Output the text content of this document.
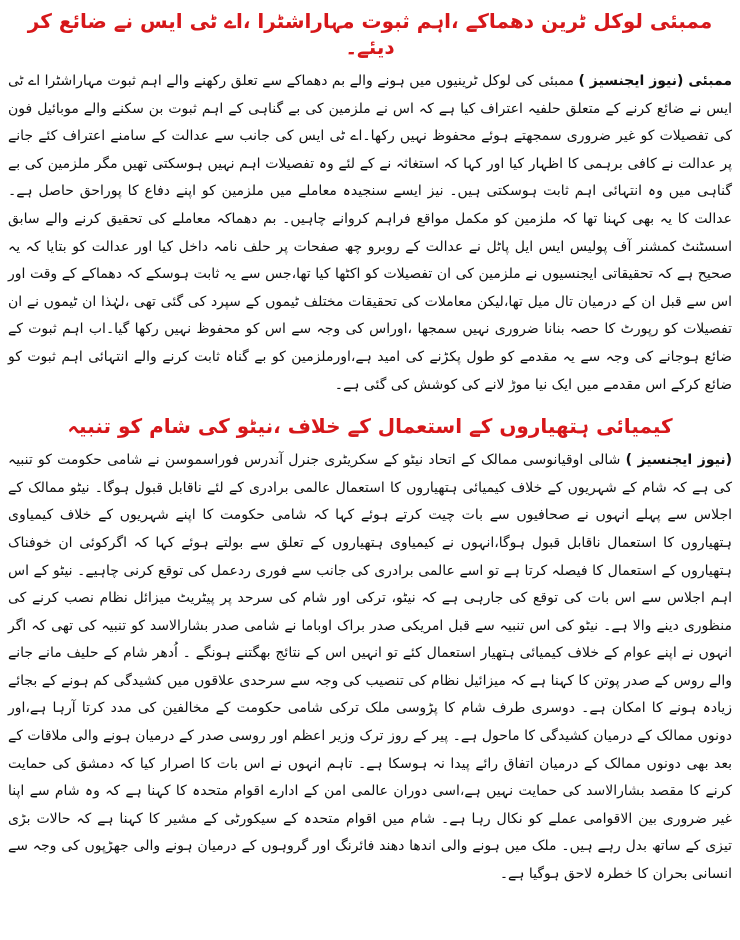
ممبئی لوکل ٹرین دھماکے ،اہم ثبوت مہاراشٹرا ،اے ٹی ایس نے ضائع کر دیئے۔

ممبئی (نیوز ایجنسیز ) ممبئی کی لوکل ٹرینیوں میں ہونے والے بم دھماکے سے تعلق رکھنے والے اہم ثبوت مہاراشٹرا اے ٹی ایس نے ضائع کرنے کے متعلق حلفیہ اعتراف کیا ہے کہ اس نے ملزمین کی بے گناہی کے اہم ثبوت بن سکنے والے موبائیل فون کی تفصیلات کو غیر ضروری سمجھتے ہوئے محفوظ نہیں رکھا۔اے ٹی ایس کی جانب سے عدالت کے سامنے اعتراف کئے جانے پر عدالت نے کافی برہمی کا اظہار کیا اور کہا کہ استغاثہ نے کے لئے وہ تفصیلات اہم نہیں ہوسکتی تھیں مگر ملزمین کی بے گناہی میں وہ انتہائی اہم ثابت ہوسکتی ہیں۔ نیز ایسے سنجیدہ معاملے میں ملزمین کو اپنے دفاع کا پوراحق حاصل ہے۔عدالت کا یہ بھی کہنا تھا کہ ملزمین کو مکمل مواقع فراہم کروانے چاہیں۔ بم دھماکہ معاملے کی تحقیق کرنے والے سابق اسسٹنٹ کمشنر آف پولیس ایس ایل پاٹل نے عدالت کے روبرو چھ صفحات پر حلف نامہ داخل کیا اور عدالت کو بتایا کہ یہ صحیح ہے کہ تحقیقاتی ایجنسیوں نے ملزمین کی ان تفصیلات کو اکٹھا کیا تھا،جس سے یہ ثابت ہوسکے کہ دھماکے کے وقت اور اس سے قبل ان کے درمیان تال میل تھا،لیکن معاملات کی تحقیقات مختلف ٹیموں کے سپرد کی گئی تھی ،لہٰذا ان ٹیموں نے ان تفصیلات کو رپورٹ کا حصہ بنانا ضروری نہیں سمجھا ،اوراس کی وجہ سے اس کو محفوظ نہیں رکھا گیا۔اب اہم ثبوت کے ضائع ہوجانے کی وجہ سے یہ مقدمے کو طول پکڑنے کی امید ہے،اورملزمین کو بے گناہ ثابت کرنے والے انتہائی اہم ثبوت کو ضائع کرکے اس مقدمے میں ایک نیا موڑ لانے کی کوشش کی گئی ہے۔

کیمیائی ہتھیاروں کے استعمال کے خلاف ،نیٹو کی شام کو تنبیہ

(نیوز ایجنسیز ) شالی اوقیانوسی ممالک کے اتحاد نیٹو کے سکریٹری جنرل آندرس فوراسموسن نے شامی حکومت کو تنبیہ کی ہے کہ شام کے شہریوں کے خلاف کیمیائی ہتھیاروں کا استعمال عالمی برادری کے لئے ناقابل قبول ہوگا۔ نیٹو ممالک کے اجلاس سے پہلے انہوں نے صحافیوں سے بات چیت کرتے ہوئے کہا کہ شامی حکومت کا اپنے شہریوں کے خلاف کیمیاوی ہتھیاروں کا استعمال ناقابل قبول ہوگا،انہوں نے کیمیاوی ہتھیاروں کے تعلق سے بولتے ہوئے کہا کہ اگرکوئی ان خوفناک ہتھیاروں کے استعمال کا فیصلہ کرتا ہے تو اسے عالمی برادری کی جانب سے فوری ردعمل کی توقع کرنی چاہیے۔ نیٹو کے اس اہم اجلاس سے اس بات کی توقع کی جارہی ہے کہ نیٹو، ترکی اور شام کی سرحد پر پیٹریٹ میزائل نظام نصب کرنے کی منظوری دینے والا ہے۔ نیٹو کی اس تنبیہ سے قبل امریکی صدر براک اوباما نے شامی صدر بشارالاسد کو تنبیہ کی تھی کہ اگر انہوں نے اپنے عوام کے خلاف کیمیائی ہتھیار استعمال کئے تو انہیں اس کے نتائج بھگتنے ہونگے ۔ اُدھر شام کے حلیف مانے جانے والے روس کے صدر پوتن کا کہنا ہے کہ میزائیل نظام کی تنصیب کی وجہ سے سرحدی علاقوں میں کشیدگی کم ہونے کے بجائے زیادہ ہونے کا امکان ہے۔ دوسری طرف شام کا پڑوسی ملک ترکی شامی حکومت کے مخالفین کی مدد کرتا آرہا ہے،اور دونوں ممالک کے درمیان کشیدگی کا ماحول ہے۔ پیر کے روز ترک وزیر اعظم اور روسی صدر کے درمیان ہونے والی ملاقات کے بعد بھی دونوں ممالک کے درمیان اتفاق رائے پیدا نہ ہوسکا ہے۔ تاہم انہوں نے اس بات کا اصرار کیا کہ دمشق کی حمایت کرنے کا مقصد بشارالاسد کی حمایت نہیں ہے،اسی دوران عالمی امن کے ادارے اقوام متحدہ کا کہنا ہے کہ وہ شام سے اپنا غیر ضروری بین الاقوامی عملے کو نکال رہا ہے۔ شام میں اقوام متحدہ کے سیکورٹی کے مشیر کا کہنا ہے کہ حالات بڑی تیزی کے ساتھ بدل رہے ہیں۔ ملک میں ہونے والی اندھا دھند فائرنگ اور گروہوں کے درمیان ہونے والی جھڑپوں کی وجہ سے انسانی بحران کا خطرہ لاحق ہوگیا ہے۔
